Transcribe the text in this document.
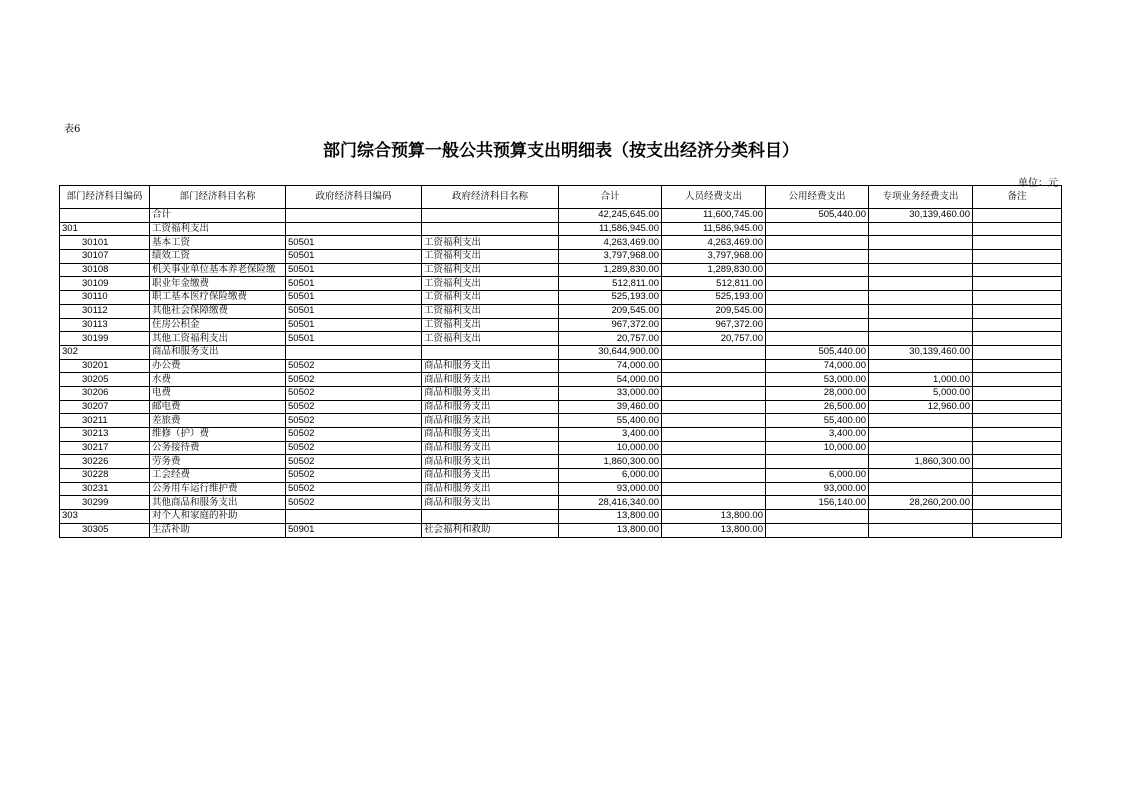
表6
部门综合预算一般公共预算支出明细表（按支出经济分类科目）
单位：元
部门经济科目编码	部门经济科目名称	政府经济科目编码	政府经济科目名称	合计	人员经费支出	公用经费支出	专项业务经费支出	备注
	合计			42,245,645.00	11,600,745.00	505,440.00	30,139,460.00	
301	工资福利支出			11,586,945.00	11,586,945.00			
30101	基本工资	50501	工资福利支出	4,263,469.00	4,263,469.00			
30107	绩效工资	50501	工资福利支出	3,797,968.00	3,797,968.00			
30108	机关事业单位基本养老保险缴	50501	工资福利支出	1,289,830.00	1,289,830.00			
30109	职业年金缴费	50501	工资福利支出	512,811.00	512,811.00			
30110	职工基本医疗保险缴费	50501	工资福利支出	525,193.00	525,193.00			
30112	其他社会保障缴费	50501	工资福利支出	209,545.00	209,545.00			
30113	住房公积金	50501	工资福利支出	967,372.00	967,372.00			
30199	其他工资福利支出	50501	工资福利支出	20,757.00	20,757.00			
302	商品和服务支出			30,644,900.00		505,440.00	30,139,460.00	
30201	办公费	50502	商品和服务支出	74,000.00		74,000.00		
30205	水费	50502	商品和服务支出	54,000.00		53,000.00	1,000.00	
30206	电费	50502	商品和服务支出	33,000.00		28,000.00	5,000.00	
30207	邮电费	50502	商品和服务支出	39,460.00		26,500.00	12,960.00	
30211	差旅费	50502	商品和服务支出	55,400.00		55,400.00		
30213	维修（护）费	50502	商品和服务支出	3,400.00		3,400.00		
30217	公务接待费	50502	商品和服务支出	10,000.00		10,000.00		
30226	劳务费	50502	商品和服务支出	1,860,300.00			1,860,300.00	
30228	工会经费	50502	商品和服务支出	6,000.00		6,000.00		
30231	公务用车运行维护费	50502	商品和服务支出	93,000.00		93,000.00		
30299	其他商品和服务支出	50502	商品和服务支出	28,416,340.00		156,140.00	28,260,200.00	
303	对个人和家庭的补助			13,800.00	13,800.00			
30305	生活补助	50901	社会福利和救助	13,800.00	13,800.00			
